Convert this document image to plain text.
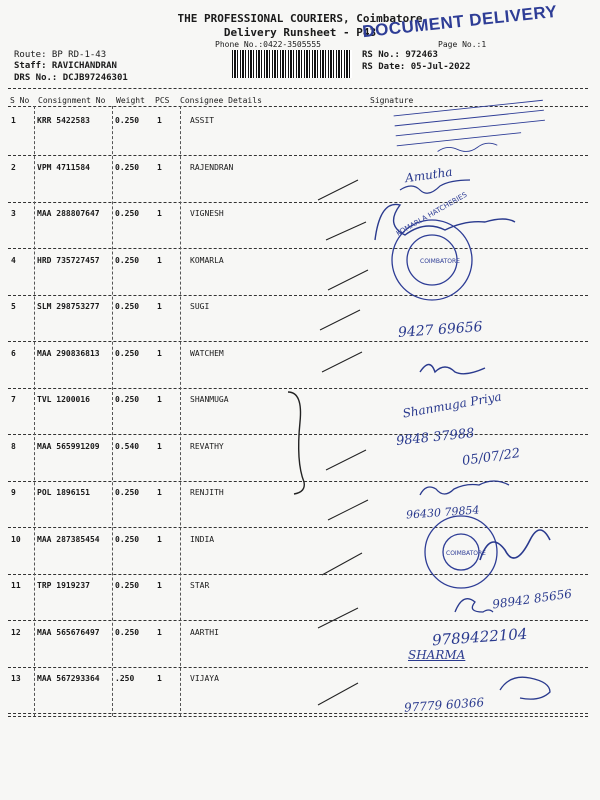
THE PROFESSIONAL COURIERS, Coimbatore
Delivery Runsheet - P43
Phone No.:0422-3505555	Page No.:1
DOCUMENT DELIVERY
Route: BP RD-1-43
Staff: RAVICHANDRAN
DRS No.: DCJB97246301
RS No.: 972463
RS Date: 05-Jul-2022
S No Consignment No Weight PCS Consignee Details	Signature
1	KRR 5422583	0.250 1	ASSIT
2	VPM 4711584	0.250 1	RAJENDRAN
3	MAA 288807647 0.250 1	VIGNESH
4	HRD 735727457 0.250 1	KOMARLA
5	SLM 298753277 0.250 1	SUGI
6	MAA 290836813 0.250 1	WATCHEM
7	TVL 1200016	0.250 1	SHANMUGA
8	MAA 565991209 0.540 1	REVATHY
9	POL 1896151	0.250 1	RENJITH
10 MAA 287385454 0.250 1	INDIA
11 TRP 1919237	0.250 1	STAR
12 MAA 565676497 0.250 1	AARTHI
13 MAA 567293364 .250	1	VIJAYA
Amutha
9427 69656
Shanmuga Priya
9848 37988
05/07/22
96430 79854
98942 85656
9789422104
SHARMA
97779 60366
KOMARLA HATCHERIES
COIMBATORE
COIMBATORE
